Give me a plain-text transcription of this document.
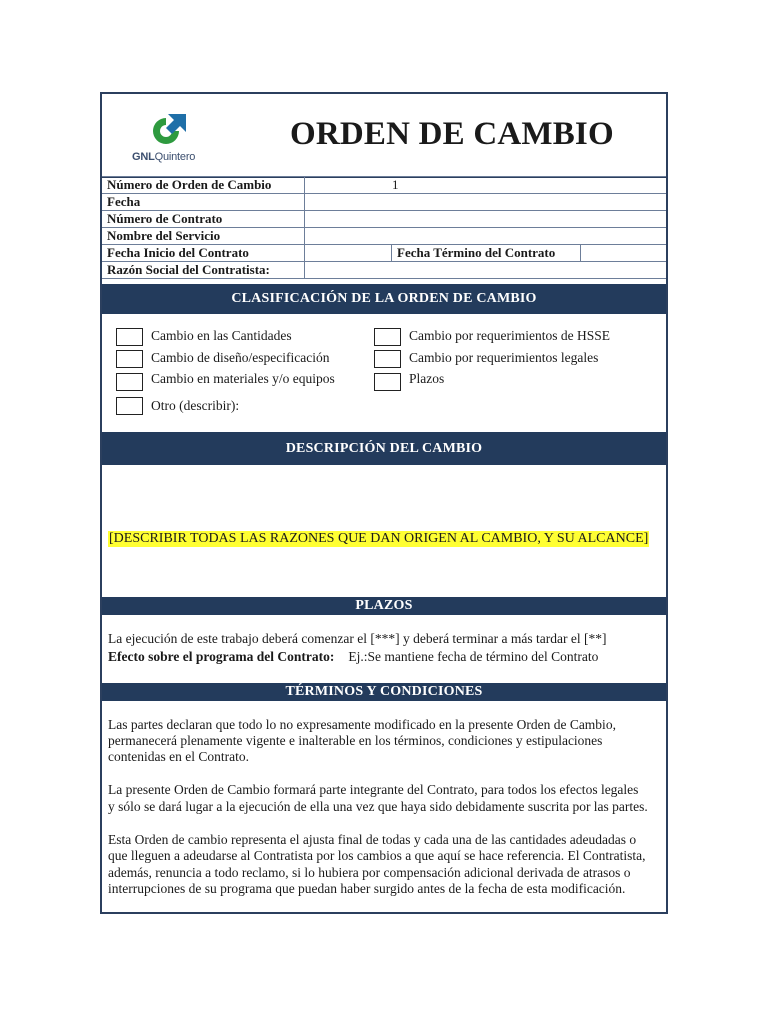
GNLQuintero
ORDEN DE CAMBIO
Número de Orden de Cambio	1		
Fecha			
Número de Contrato			
Nombre del Servicio			
Fecha Inicio del Contrato		Fecha Término del Contrato	
Razón Social del Contratista:			
CLASIFICACIÓN DE LA ORDEN DE CAMBIO
Cambio en las Cantidades
Cambio de diseño/especificación
Cambio en materiales y/o equipos
Otro (describir):
Cambio por requerimientos de HSSE
Cambio por requerimientos legales
Plazos
DESCRIPCIÓN DEL CAMBIO
[DESCRIBIR TODAS LAS RAZONES QUE DAN ORIGEN AL CAMBIO, Y SU ALCANCE]
PLAZOS
La ejecución de este trabajo deberá comenzar el [***] y deberá terminar a más tardar el [**]
Efecto sobre el programa del Contrato: Ej.:Se mantiene fecha de término del Contrato
TÉRMINOS Y CONDICIONES
Las partes declaran que todo lo no expresamente modificado en la presente Orden de Cambio,
permanecerá plenamente vigente e inalterable en los términos, condiciones y estipulaciones
contenidas en el Contrato.
La presente Orden de Cambio formará parte integrante del Contrato, para todos los efectos legales
y sólo se dará lugar a la ejecución de ella una vez que haya sido debidamente suscrita por las partes.
Esta Orden de cambio representa el ajusta final de todas y cada una de las cantidades adeudadas o
que lleguen a adeudarse al Contratista por los cambios a que aquí se hace referencia. El Contratista,
además, renuncia a todo reclamo, si lo hubiera por compensación adicional derivada de atrasos o
interrupciones de su programa que puedan haber surgido antes de la fecha de esta modificación.
